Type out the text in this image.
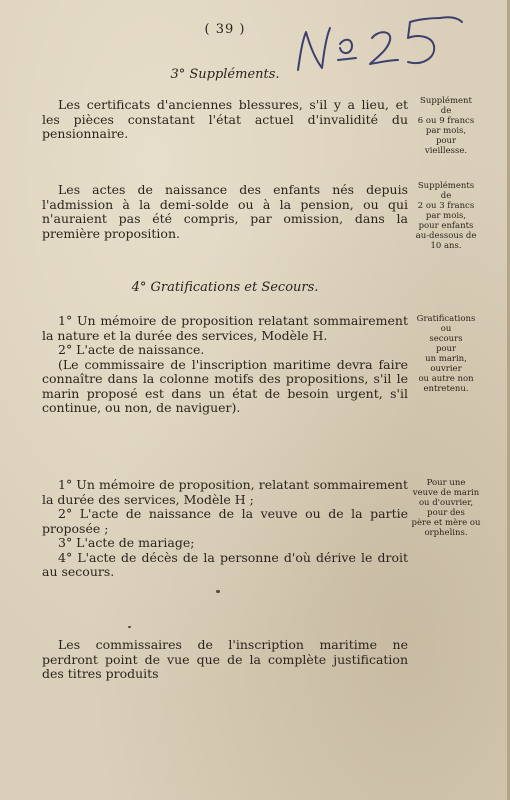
( 39 )
3° Suppléments.

Les certificats d'anciennes blessures, s'il y a lieu, et les pièces constatant l'état actuel d'invalidité du pensionnaire.

Supplément
de
6 ou 9 francs
par mois,
pour
vieillesse.

Les actes de naissance des enfants nés depuis l'admission à la demi-solde ou à la pension, ou qui n'auraient pas été compris, par omission, dans la première proposition.

Suppléments
de
2 ou 3 francs
par mois,
pour enfants
au-dessous de
10 ans.
4° Gratifications et Secours.

1° Un mémoire de proposition relatant sommairement la nature et la durée des services, Modèle H.

2° L'acte de naissance.

(Le commissaire de l'inscription maritime devra faire connaître dans la colonne motifs des propositions, s'il le marin proposé est dans un état de besoin urgent, s'il continue, ou non, de naviguer).

Gratifications
ou
secours
pour
un marin,
ouvrier
ou autre non
entretenu.

1° Un mémoire de proposition, relatant sommairement la durée des services, Modèle H ;

2° L'acte de naissance de la veuve ou de la partie proposée ;

3° L'acte de mariage;

4° L'acte de décès de la personne d'où dérive le droit au secours.

Pour une
veuve de marin
ou d'ouvrier,
pour des
père et mère ou
orphelins.

Les commissaires de l'inscription maritime ne perdront point de vue que de la complète justification des titres produits
